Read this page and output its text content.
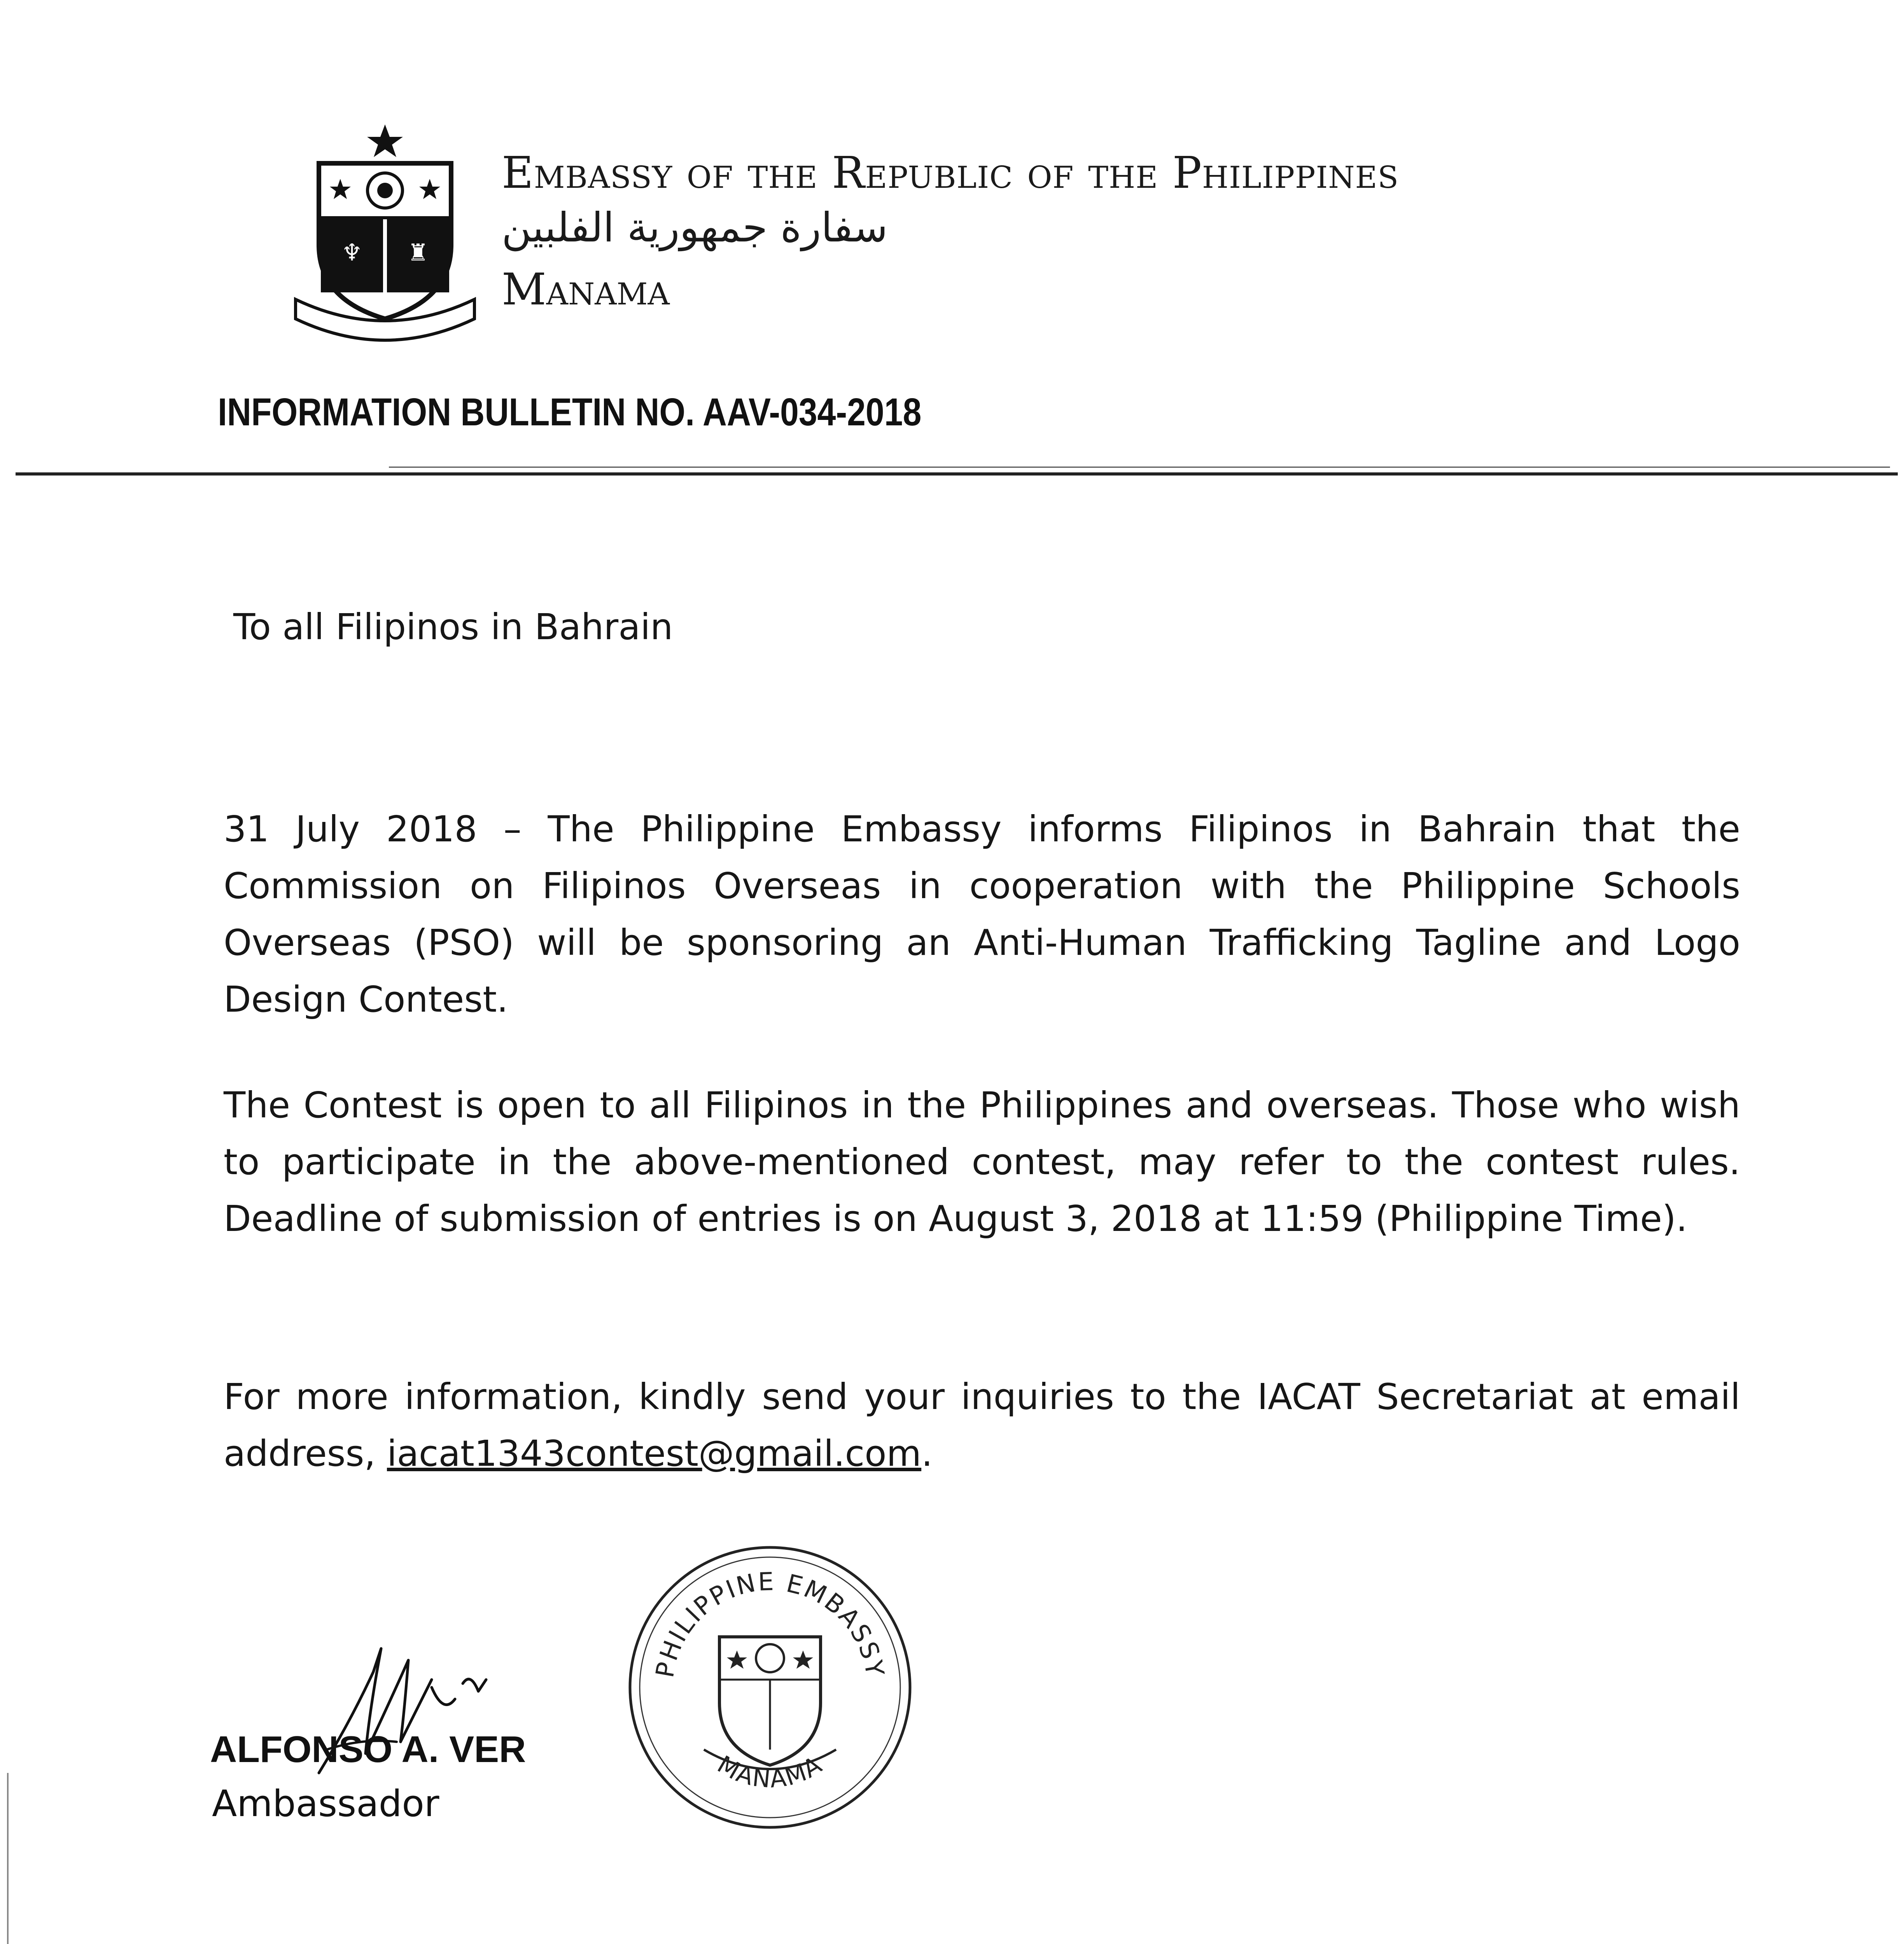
♆ ♜
Embassy of the Republic of the Philippines
سفارة جمهورية الفلبين
Manama
INFORMATION BULLETIN NO. AAV-034-2018
To all Filipinos in Bahrain
31 July 2018 – The Philippine Embassy informs Filipinos in Bahrain that the Commission on Filipinos Overseas in cooperation with the Philippine Schools Overseas (PSO) will be sponsoring an Anti-Human Trafficking Tagline and Logo Design Contest.
The Contest is open to all Filipinos in the Philippines and overseas. Those who wish to participate in the above-mentioned contest, may refer to the contest rules. Deadline of submission of entries is on August 3, 2018 at 11:59 (Philippine Time).
For more information, kindly send your inquiries to the IACAT Secretariat at email address, iacat1343contest@gmail.com.
ALFONSO A. VER
Ambassador
PHILIPPINE EMBASSY
MANAMA
